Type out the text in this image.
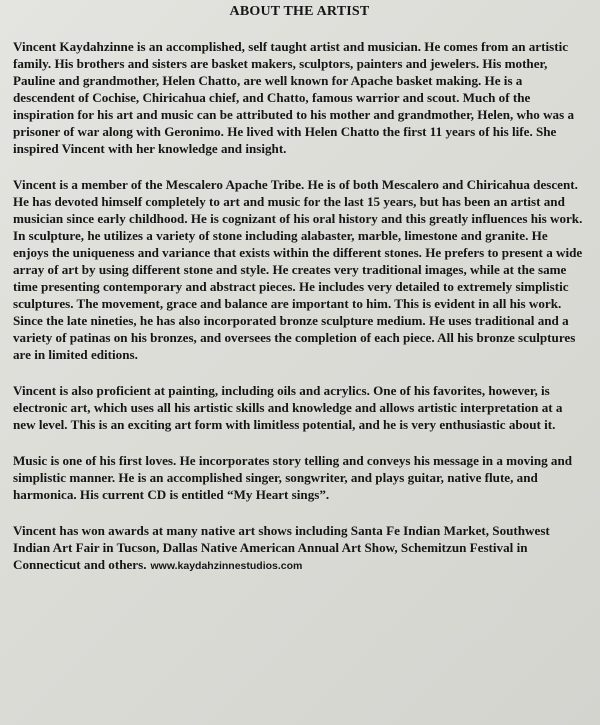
ABOUT THE ARTIST

Vincent Kaydahzinne is an accomplished, self taught artist and musician. He comes from an artistic family. His brothers and sisters are basket makers, sculptors, painters and jewelers. His mother, Pauline and grandmother, Helen Chatto, are well known for Apache basket making. He is a descendent of Cochise, Chiricahua chief, and Chatto, famous warrior and scout. Much of the inspiration for his art and music can be attributed to his mother and grandmother, Helen, who was a prisoner of war along with Geronimo. He lived with Helen Chatto the first 11 years of his life. She inspired Vincent with her knowledge and insight.

Vincent is a member of the Mescalero Apache Tribe. He is of both Mescalero and Chiricahua descent. He has devoted himself completely to art and music for the last 15 years, but has been an artist and musician since early childhood. He is cognizant of his oral history and this greatly influences his work. In sculpture, he utilizes a variety of stone including alabaster, marble, limestone and granite. He enjoys the uniqueness and variance that exists within the different stones. He prefers to present a wide array of art by using different stone and style. He creates very traditional images, while at the same time presenting contemporary and abstract pieces. He includes very detailed to extremely simplistic sculptures. The movement, grace and balance are important to him. This is evident in all his work. Since the late nineties, he has also incorporated bronze sculpture medium. He uses traditional and a variety of patinas on his bronzes, and oversees the completion of each piece. All his bronze sculptures are in limited editions.

Vincent is also proficient at painting, including oils and acrylics. One of his favorites, however, is electronic art, which uses all his artistic skills and knowledge and allows artistic interpretation at a new level. This is an exciting art form with limitless potential, and he is very enthusiastic about it.

Music is one of his first loves. He incorporates story telling and conveys his message in a moving and simplistic manner. He is an accomplished singer, songwriter, and plays guitar, native flute, and harmonica. His current CD is entitled “My Heart sings”.

Vincent has won awards at many native art shows including Santa Fe Indian Market, Southwest Indian Art Fair in Tucson, Dallas Native American Annual Art Show, Schemitzun Festival in Connecticut and others. www.kaydahzinnestudios.com
